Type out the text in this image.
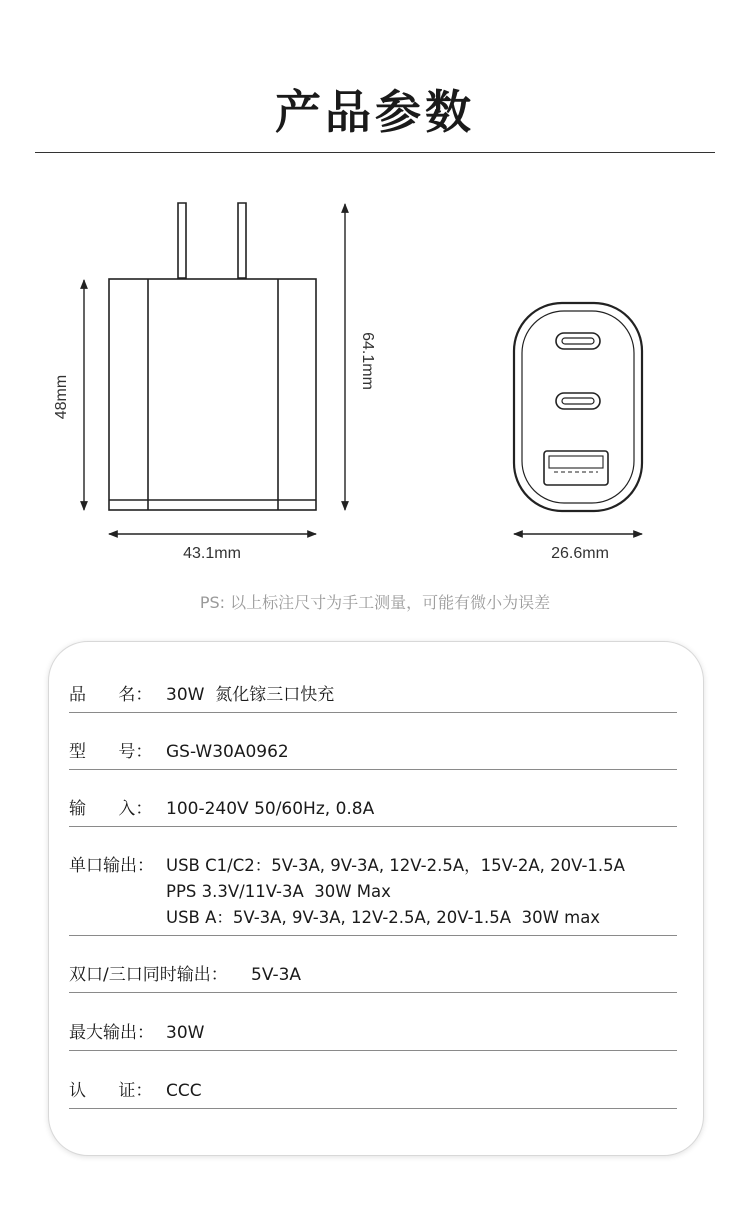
产品参数
48mm
64.1mm
43.1mm	26.6mm
PS: 以上标注尺寸为手工测量，可能有微小为误差
品      名： 30W  氮化镓三口快充
型      号： GS-W30A0962
输      入： 100-240V 50/60Hz, 0.8A
单口输出： USB C1/C2：5V-3A, 9V-3A, 12V-2.5A，15V-2A, 20V-1.5A
PPS 3.3V/11V-3A  30W Max
USB A：5V-3A, 9V-3A, 12V-2.5A, 20V-1.5A  30W max
双口/三口同时输出： 5V-3A
最大输出： 30W
认      证： CCC
